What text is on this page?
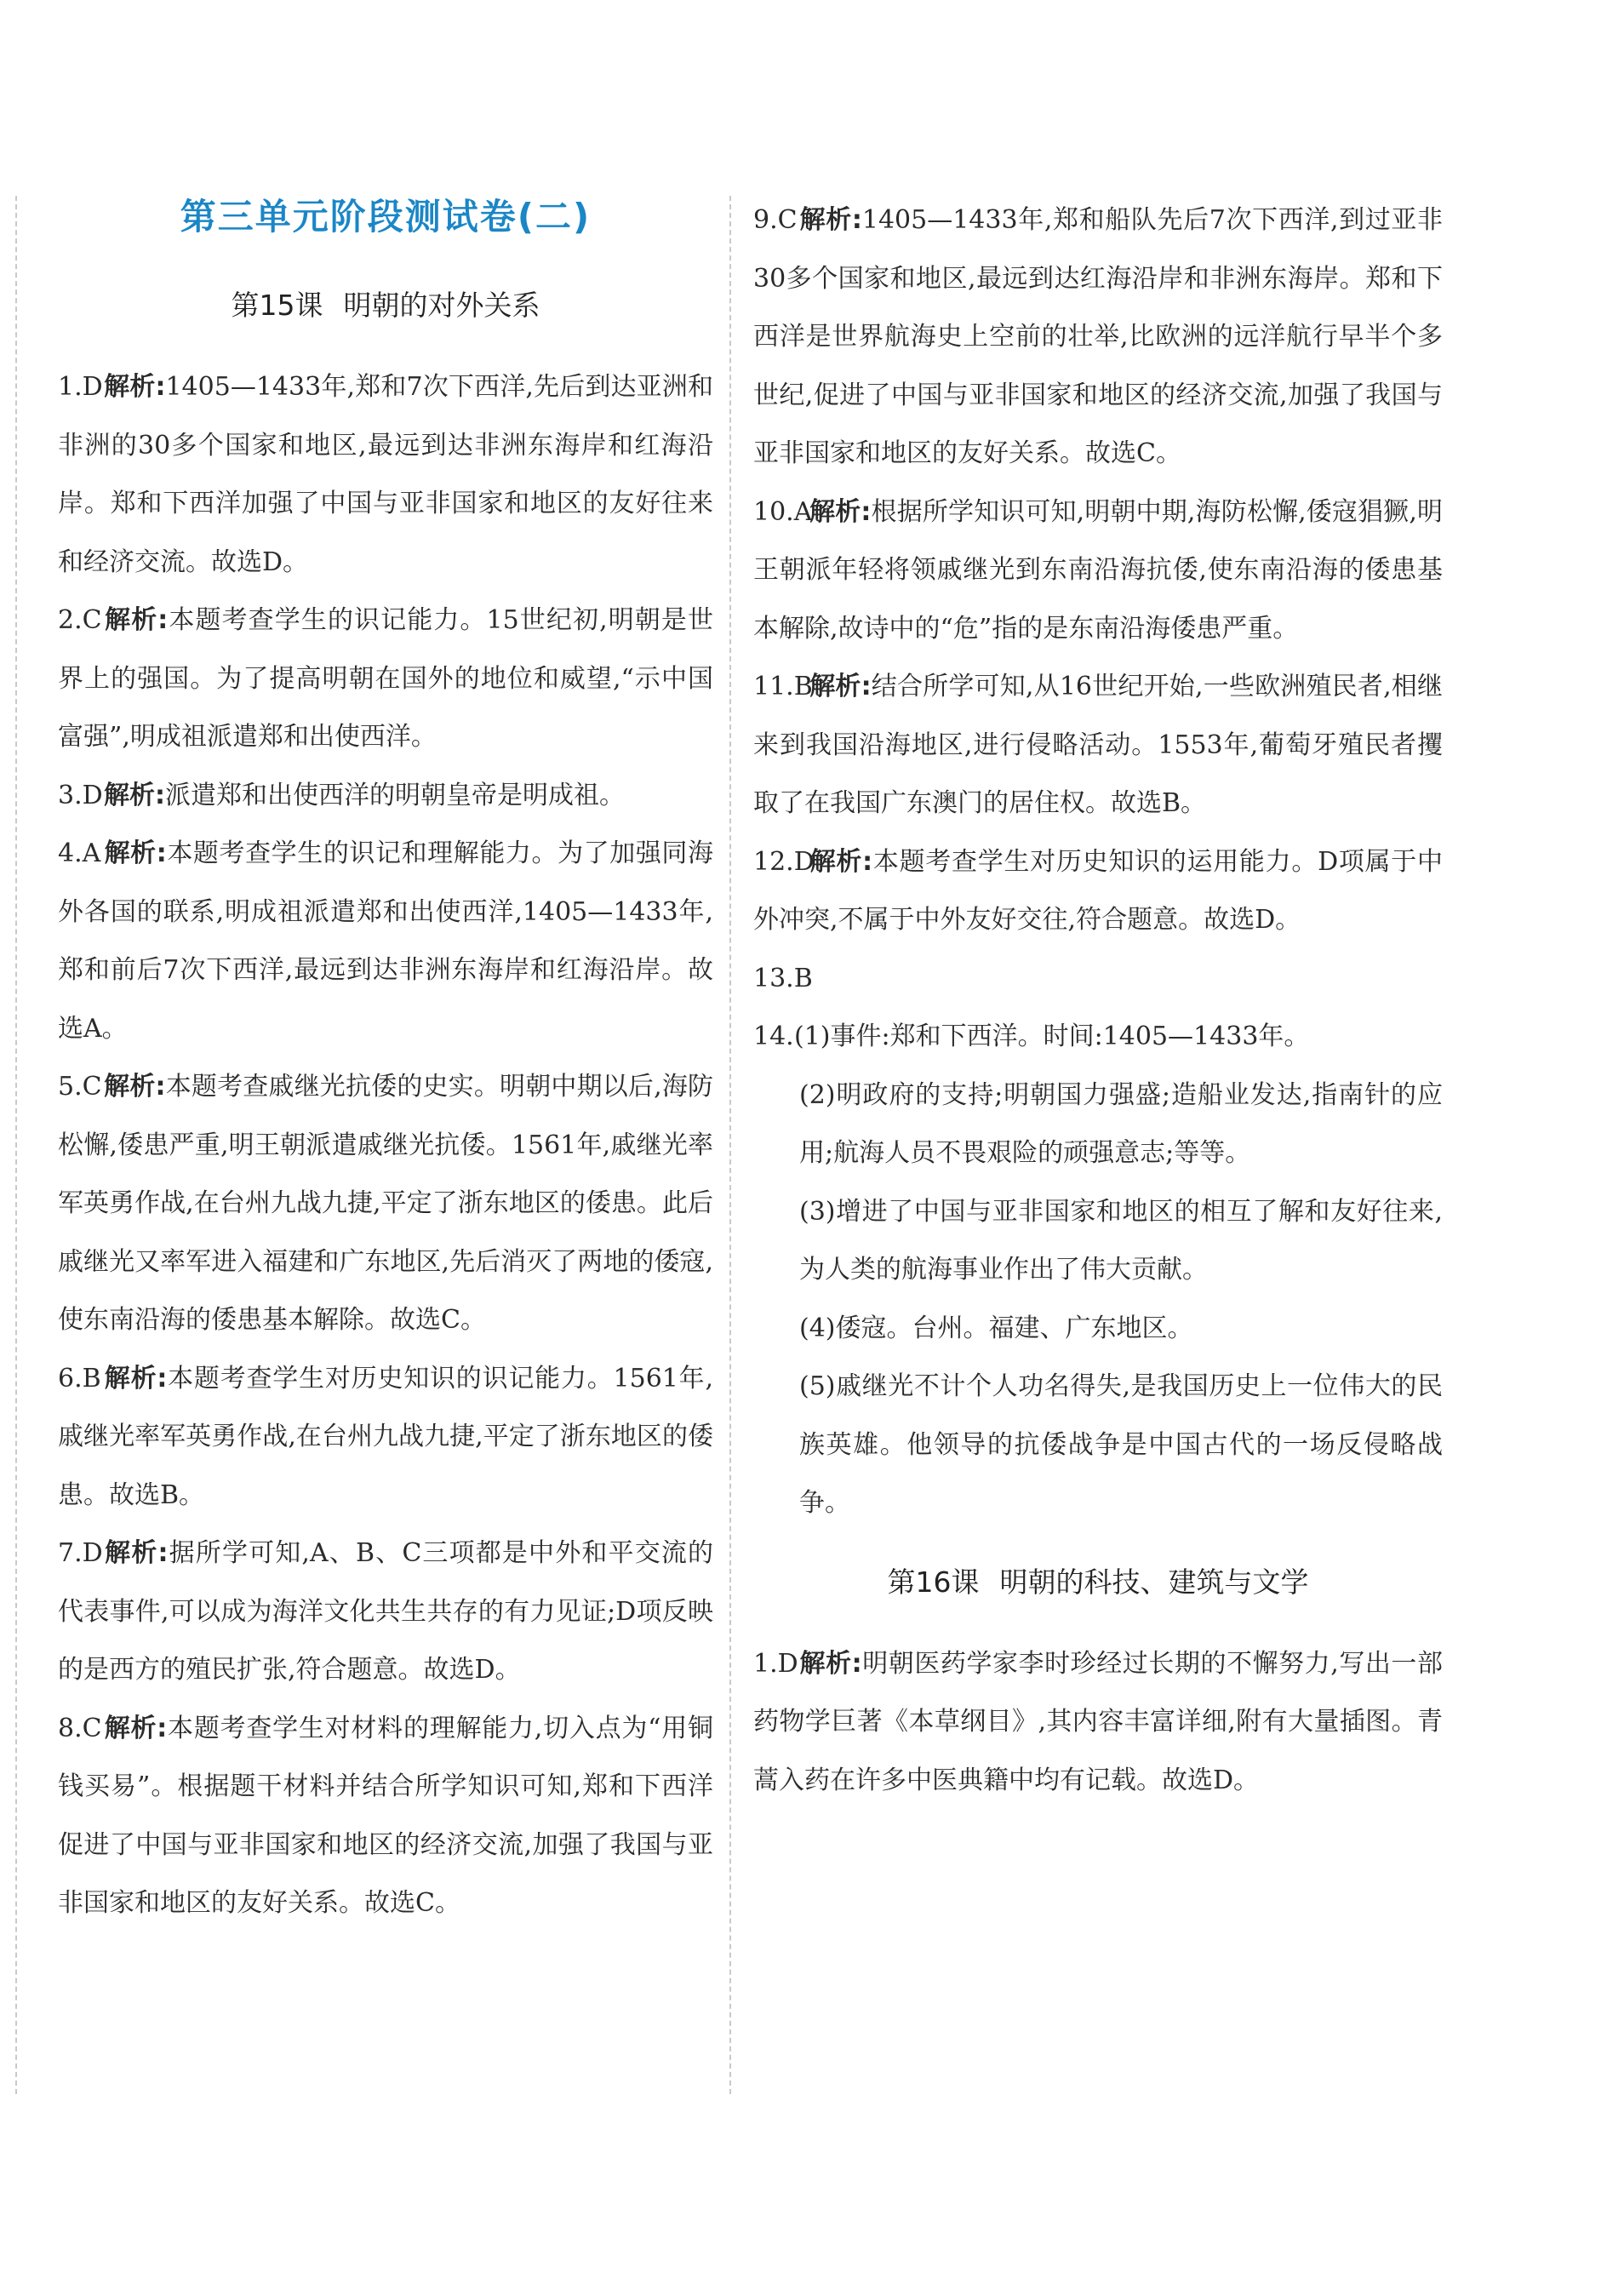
第三单元阶段测试卷(二)
第15课 明朝的对外关系
1.D解析:1405—1433年,郑和7次下西洋,先后到达亚洲和非洲的30多个国家和地区,最远到达非洲东海岸和红海沿岸。郑和下西洋加强了中国与亚非国家和地区的友好往来和经济交流。故选D。
2.C解析:本题考查学生的识记能力。15世纪初,明朝是世界上的强国。为了提高明朝在国外的地位和威望,“示中国富强”,明成祖派遣郑和出使西洋。
3.D解析:派遣郑和出使西洋的明朝皇帝是明成祖。
4.A 解析:本题考查学生的识记和理解能力。为了加强同海外各国的联系,明成祖派遣郑和出使西洋,1405—1433年,郑和前后7次下西洋,最远到达非洲东海岸和红海沿岸。故选A。
5.C解析:本题考查戚继光抗倭的史实。明朝中期以后,海防松懈,倭患严重,明王朝派遣戚继光抗倭。1561年,戚继光率军英勇作战,在台州九战九捷,平定了浙东地区的倭患。此后戚继光又率军进入福建和广东地区,先后消灭了两地的倭寇,使东南沿海的倭患基本解除。故选C。
6.B 解析:本题考查学生对历史知识的识记能力。1561年,戚继光率军英勇作战,在台州九战九捷,平定了浙东地区的倭患。故选B。
7.D解析:据所学可知,A、B、C三项都是中外和平交流的代表事件,可以成为海洋文化共生共存的有力见证;D项反映的是西方的殖民扩张,符合题意。故选D。
8.C解析:本题考查学生对材料的理解能力,切入点为“用铜钱买易”。根据题干材料并结合所学知识可知,郑和下西洋促进了中国与亚非国家和地区的经济交流,加强了我国与亚非国家和地区的友好关系。故选C。
9.C解析:1405—1433年,郑和船队先后7次下西洋,到过亚非30多个国家和地区,最远到达红海沿岸和非洲东海岸。郑和下西洋是世界航海史上空前的壮举,比欧洲的远洋航行早半个多世纪,促进了中国与亚非国家和地区的经济交流,加强了我国与亚非国家和地区的友好关系。故选C。
10.A解析:根据所学知识可知,明朝中期,海防松懈,倭寇猖獗,明王朝派年轻将领戚继光到东南沿海抗倭,使东南沿海的倭患基本解除,故诗中的“危”指的是东南沿海倭患严重。
11.B解析:结合所学可知,从16世纪开始,一些欧洲殖民者,相继来到我国沿海地区,进行侵略活动。1553年,葡萄牙殖民者攫取了在我国广东澳门的居住权。故选B。
12.D解析:本题考查学生对历史知识的运用能力。D项属于中外冲突,不属于中外友好交往,符合题意。故选D。
13.B
14.(1)事件:郑和下西洋。时间:1405—1433年。
(2)明政府的支持;明朝国力强盛;造船业发达,指南针的应用;航海人员不畏艰险的顽强意志;等等。
(3)增进了中国与亚非国家和地区的相互了解和友好往来,为人类的航海事业作出了伟大贡献。
(4)倭寇。台州。福建、广东地区。
(5)戚继光不计个人功名得失,是我国历史上一位伟大的民族英雄。他领导的抗倭战争是中国古代的一场反侵略战争。
第16课 明朝的科技、建筑与文学
1.D解析:明朝医药学家李时珍经过长期的不懈努力,写出一部药物学巨著《本草纲目》,其内容丰富详细,附有大量插图。青蒿入药在许多中医典籍中均有记载。故选D。
